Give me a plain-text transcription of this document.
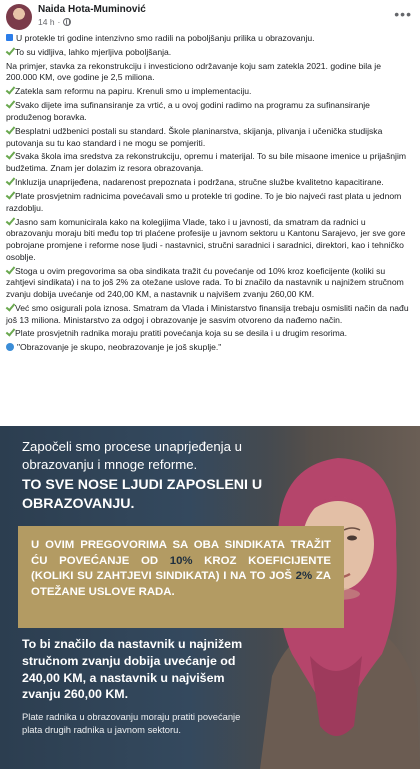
Naida Hota-Muminović
14 h ·	•••

U protekle tri godine intenzivno smo radili na poboljšanju prilika u obrazovanju.

To su vidljiva, lahko mjerljiva poboljšanja.

Na primjer, stavka za rekonstrukciju i investiciono održavanje koju sam zatekla 2021. godine bila je 200.000 KM, ove godine je 2,5 miliona.

Zatekla sam reformu na papiru. Krenuli smo u implementaciju.

Svako dijete ima sufinansiranje za vrtić, a u ovoj godini radimo na programu za sufinansiranje produženog boravka.

Besplatni udžbenici postali su standard. Škole planinarstva, skijanja, plivanja i učenička studijska putovanja su tu kao standard i ne mogu se pomjeriti.

Svaka škola ima sredstva za rekonstrukciju, opremu i materijal. To su bile misaone imenice u prijašnjim budžetima. Znam jer dolazim iz resora obrazovanja.

Inkluzija unaprijeđena, nadarenost prepoznata i podržana, stručne službe kvalitetno kapacitirane.

Plate prosvjetnim radnicima povećavali smo u protekle tri godine. To je bio najveći rast plata u jednom razdoblju.

Jasno sam komunicirala kako na kolegijima Vlade, tako i u javnosti, da smatram da radnici u obrazovanju moraju biti među top tri plaćene profesije u javnom sektoru u Kantonu Sarajevo, jer sve gore pobrojane promjene i reforme nose ljudi - nastavnici, stručni saradnici i saradnici, direktori, kao i tehničko osoblje.

Stoga u ovim pregovorima sa oba sindikata tražit ću povećanje od 10% kroz koeficijente (koliki su zahtjevi sindikata) i na to još 2% za otežane uslove rada. To bi značilo da nastavnik u najnižem stručnom zvanju dobija uvećanje od 240,00 KM, a nastavnik u najvišem zvanju 260,00 KM.

Već smo osigurali pola iznosa. Smatram da Vlada i Ministarstvo finansija trebaju osmisliti način da nađu još 13 miliona. Ministarstvo za odgoj i obrazovanje je sasvim otvoreno da nađemo način.

Plate prosvjetnih radnika moraju pratiti povećanja koja su se desila i u drugim resorima.

"Obrazovanje je skupo, neobrazovanje je još skuplje."

Započeli smo procese unaprjeđenja u obrazovanju i mnoge reforme.
TO SVE NOSE LJUDI ZAPOSLENI U OBRAZOVANJU.
U OVIM PREGOVORIMA SA OBA SINDIKATA TRAŽIT ĆU POVEĆANJE OD 10% KROZ KOEFICIJENTE (KOLIKI SU ZAHTJEVI SINDIKATA) I NA TO JOŠ 2% ZA OTEŽANE USLOVE RADA.
To bi značilo da nastavnik u najnižem stručnom zvanju dobija uvećanje od 240,00 KM, a nastavnik u najvišem zvanju 260,00 KM.
Plate radnika u obrazovanju moraju pratiti povećanje plata drugih radnika u javnom sektoru.
